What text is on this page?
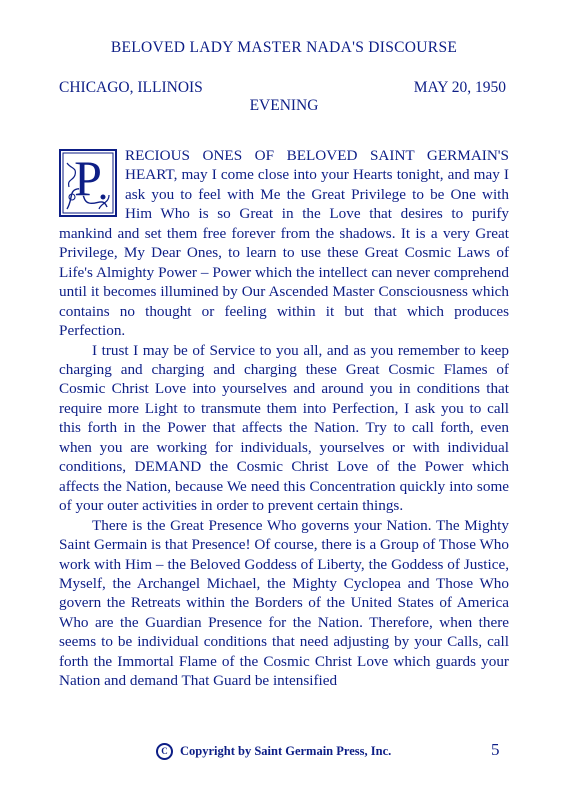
BELOVED LADY MASTER NADA'S DISCOURSE
CHICAGO, ILLINOIS	MAY 20, 1950
EVENING

P RECIOUS ONES OF BELOVED SAINT GERMAIN'S HEART, may I come close into your Hearts tonight, and may I ask you to feel with Me the Great Privilege to be One with Him Who is so Great in the Love that desires to purify mankind and set them free forever from the shadows. It is a very Great Privilege, My Dear Ones, to learn to use these Great Cosmic Laws of Life's Almighty Power – Power which the intellect can never comprehend until it becomes illumined by Our Ascended Master Consciousness which contains no thought or feeling within it but that which produces Perfection.

I trust I may be of Service to you all, and as you remember to keep charging and charging and charging these Great Cosmic Flames of Cosmic Christ Love into yourselves and around you in conditions that require more Light to transmute them into Perfection, I ask you to call this forth in the Power that affects the Nation. Try to call forth, even when you are working for individuals, yourselves or with individual conditions, DEMAND the Cosmic Christ Love of the Power which affects the Nation, because We need this Concentration quickly into some of your outer activities in order to prevent certain things.

There is the Great Presence Who governs your Nation. The Mighty Saint Germain is that Presence! Of course, there is a Group of Those Who work with Him – the Beloved Goddess of Liberty, the Goddess of Justice, Myself, the Archangel Michael, the Mighty Cyclopea and Those Who govern the Retreats within the Borders of the United States of America Who are the Guardian Presence for the Nation. Therefore, when there seems to be individual conditions that need adjusting by your Calls, call forth the Immortal Flame of the Cosmic Christ Love which guards your Nation and demand That Guard be intensified

C Copyright by Saint Germain Press, Inc.	5
